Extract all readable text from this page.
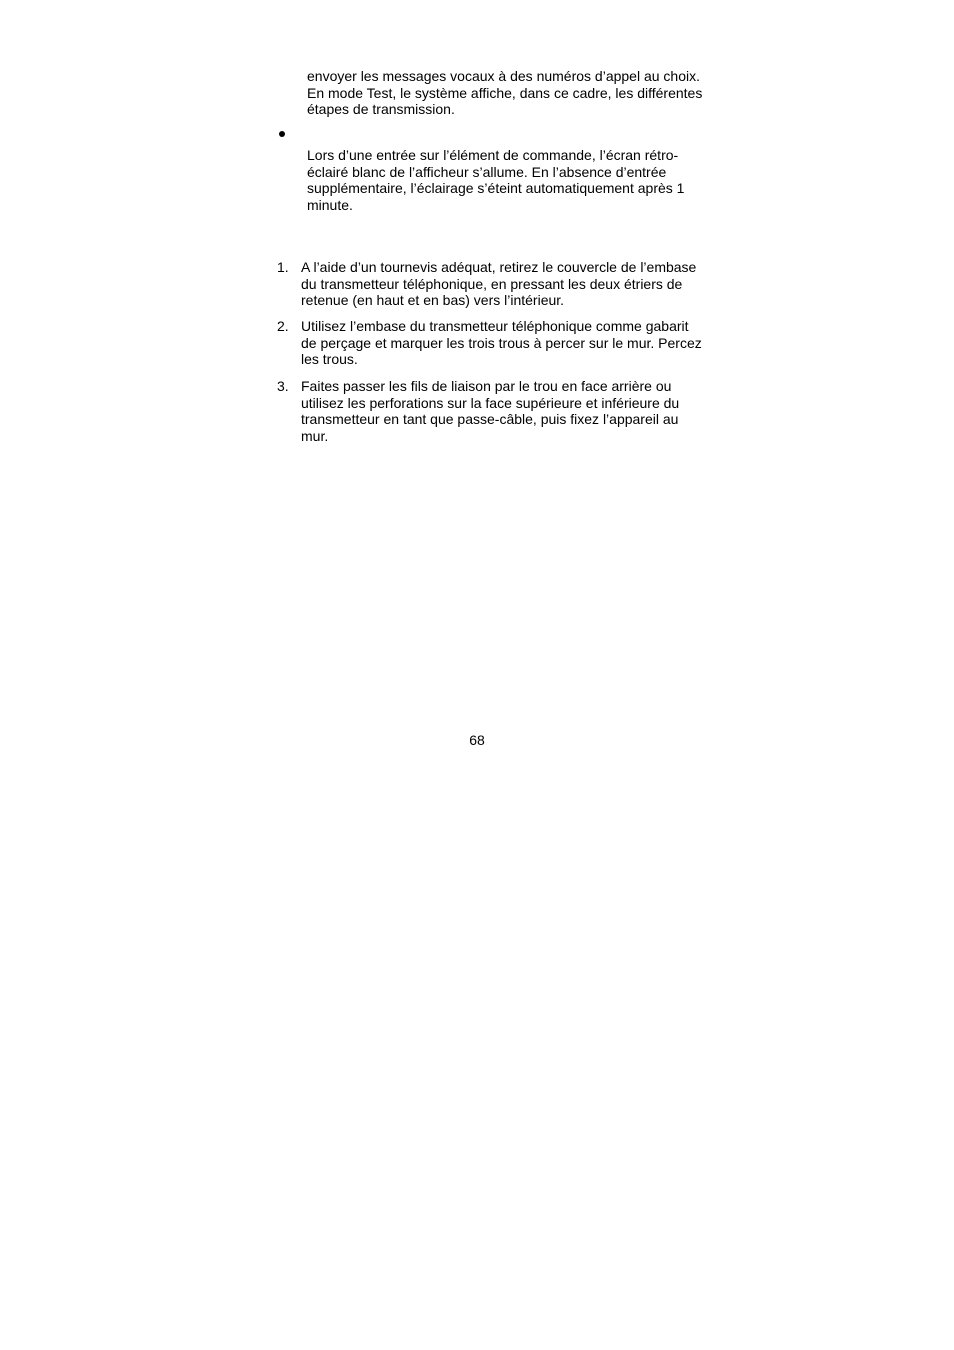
envoyer les messages vocaux à des numéros d’appel au choix. En mode Test, le système affiche, dans ce cadre, les différentes étapes de transmission.

Lors d’une entrée sur l’élément de commande, l’écran rétro-éclairé blanc de l’afficheur s’allume. En l’absence d’entrée supplémentaire, l’éclairage s’éteint automatiquement après 1 minute.

1. A l’aide d’un tournevis adéquat, retirez le couvercle de l’embase du transmetteur téléphonique, en pressant les deux étriers de retenue (en haut et en bas) vers l’intérieur.
2. Utilisez l’embase du transmetteur téléphonique comme gabarit de perçage et marquer les trois trous à percer sur le mur. Percez les trous.
3. Faites passer les fils de liaison par le trou en face arrière ou utilisez les perforations sur la face supérieure et inférieure du transmetteur en tant que passe-câble, puis fixez l’appareil au mur.
68
